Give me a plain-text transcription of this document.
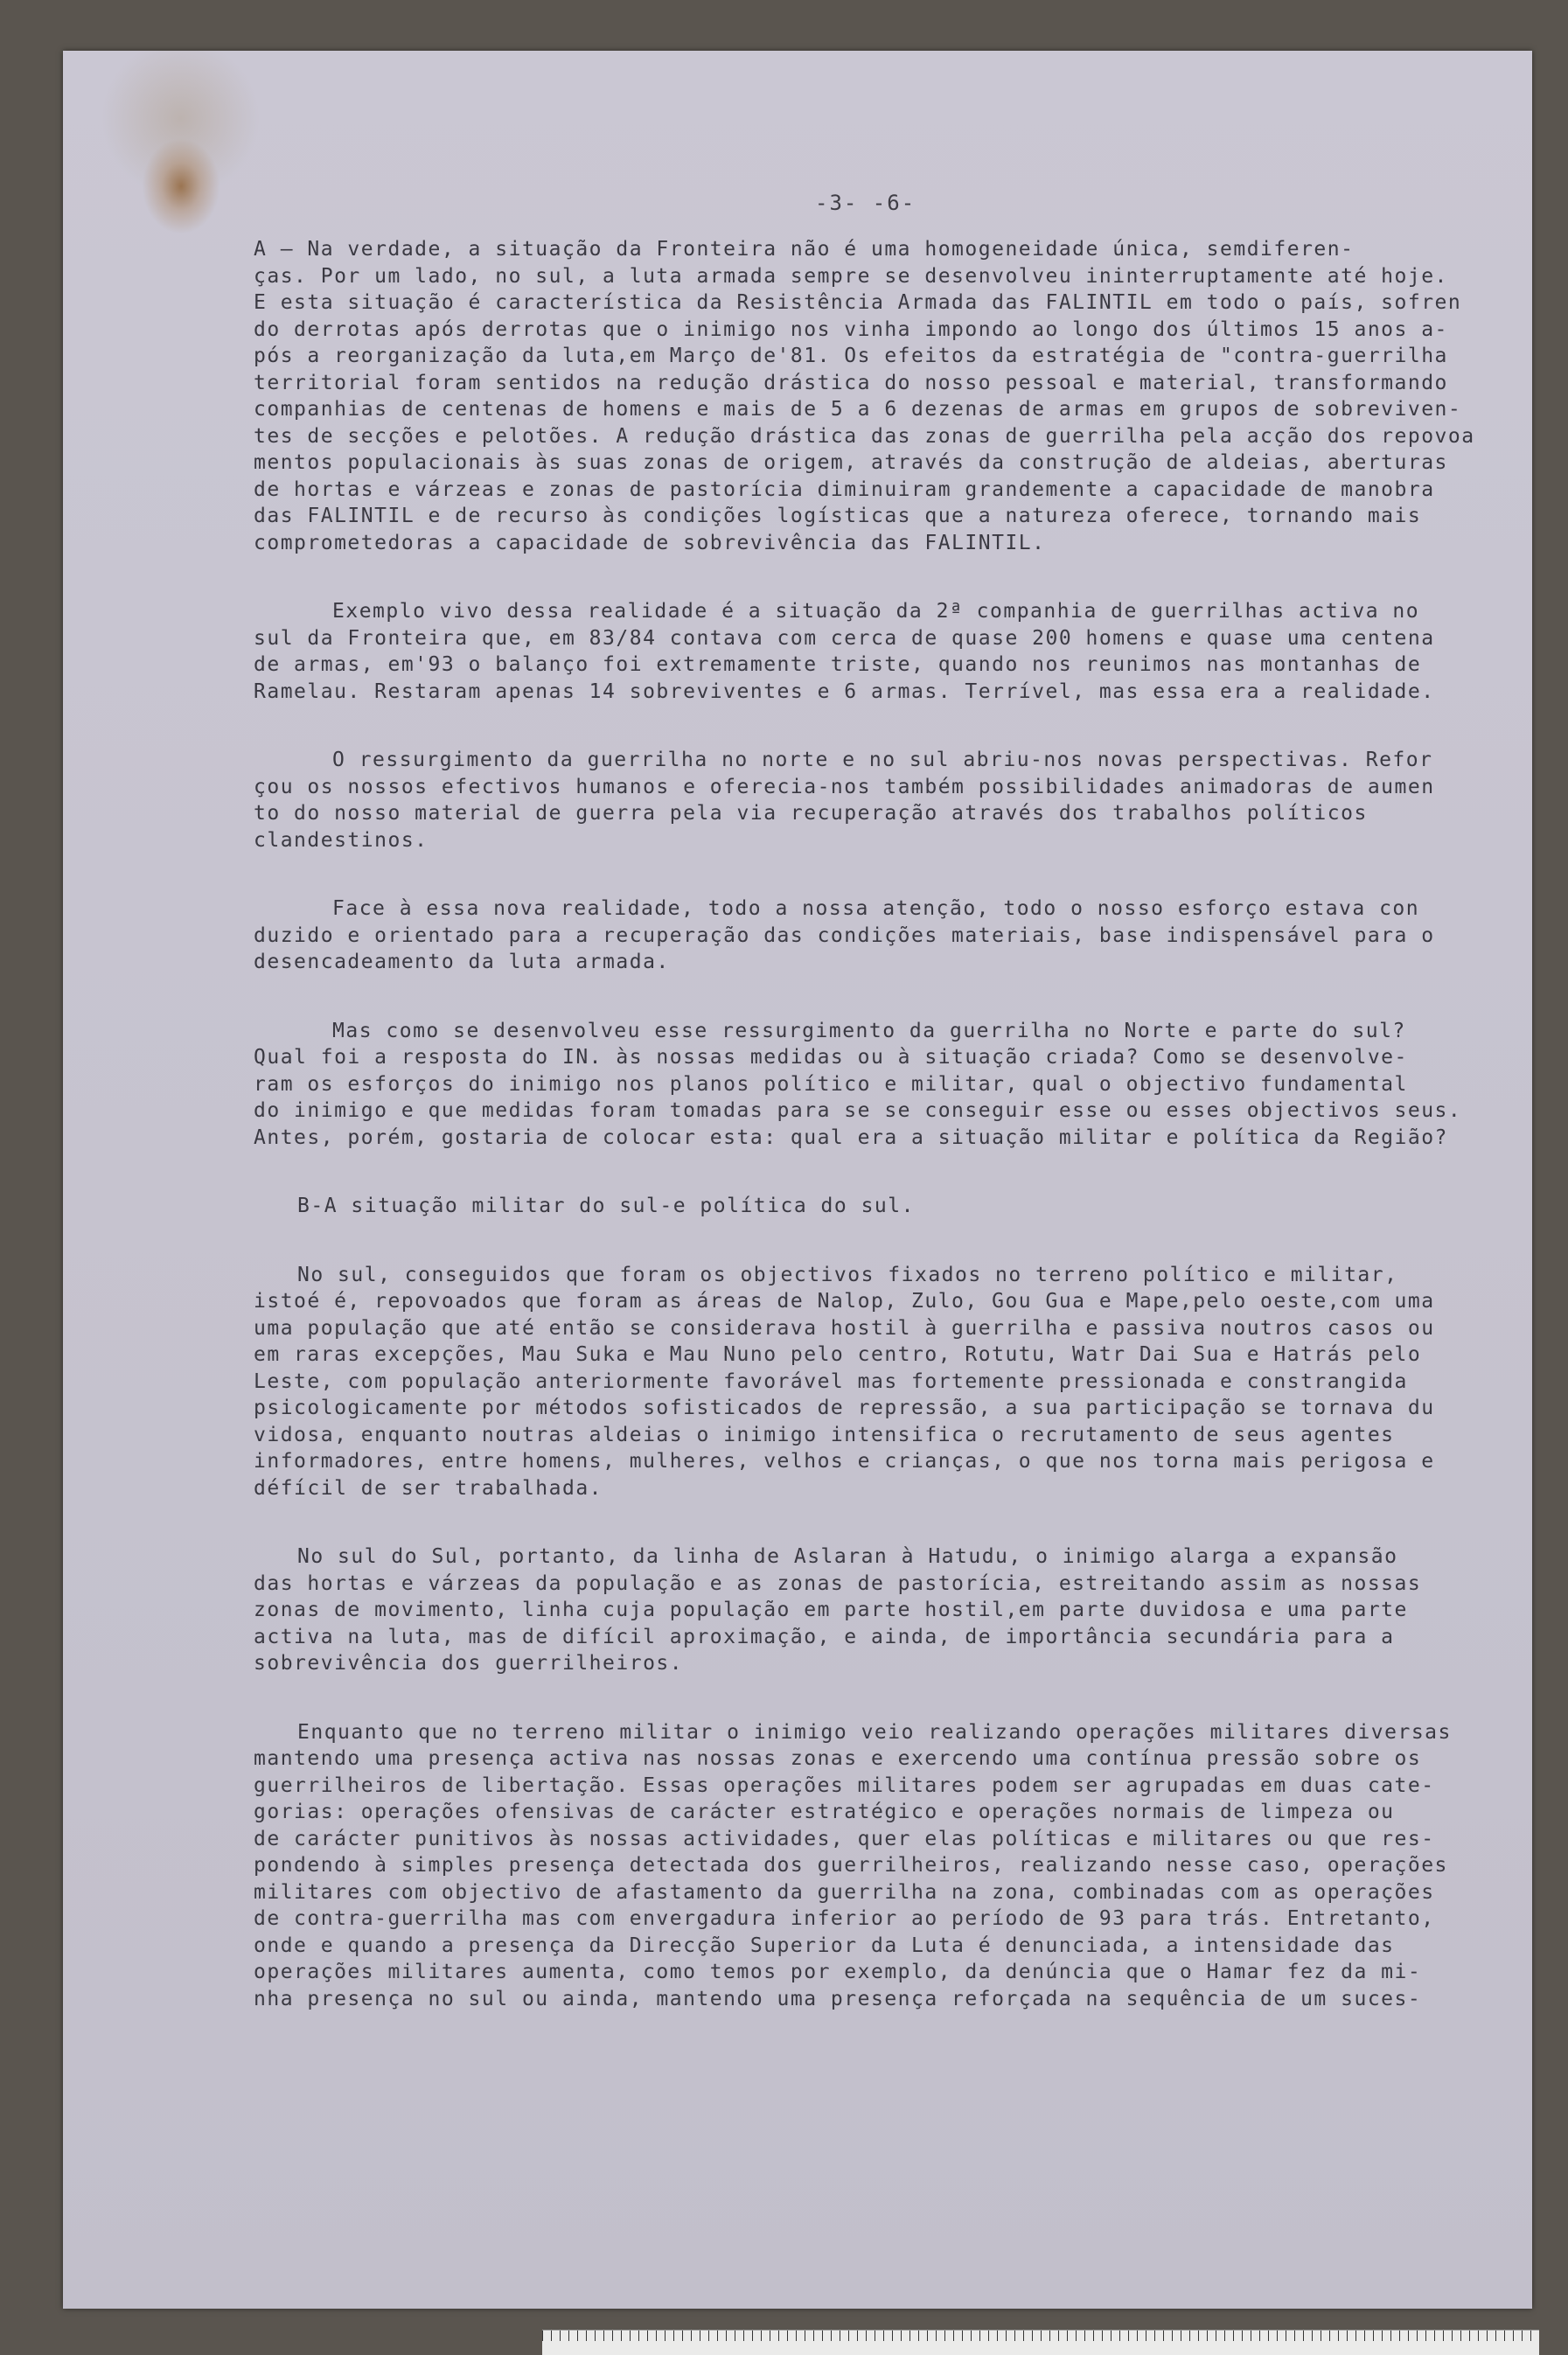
-3- -6-

A – Na verdade, a situação da Fronteira não é uma homogeneidade única, semdiferen-
ças. Por um lado, no sul, a luta armada sempre se desenvolveu ininterruptamente até hoje.
E esta situação é característica da Resistência Armada das FALINTIL em todo o país, sofren
do derrotas após derrotas que o inimigo nos vinha impondo ao longo dos últimos 15 anos a-
pós a reorganização da luta,em Março de'81. Os efeitos da estratégia de "contra-guerrilha
territorial foram sentidos na redução drástica do nosso pessoal e material, transformando
companhias de centenas de homens e mais de 5 a 6 dezenas de armas em grupos de sobreviven-
tes de secções e pelotões. A redução drástica das zonas de guerrilha pela acção dos repovoa
mentos populacionais às suas zonas de origem, através da construção de aldeias, aberturas
de hortas e várzeas e zonas de pastorícia diminuiram grandemente a capacidade de manobra
das FALINTIL e de recurso às condições logísticas que a natureza oferece, tornando mais
comprometedoras a capacidade de sobrevivência das FALINTIL.

Exemplo vivo dessa realidade é a situação da 2ª companhia de guerrilhas activa no
sul da Fronteira que, em 83/84 contava com cerca de quase 200 homens e quase uma centena
de armas, em'93 o balanço foi extremamente triste, quando nos reunimos nas montanhas de
Ramelau. Restaram apenas 14 sobreviventes e 6 armas. Terrível, mas essa era a realidade.

O ressurgimento da guerrilha no norte e no sul abriu-nos novas perspectivas. Refor
çou os nossos efectivos humanos e oferecia-nos também possibilidades animadoras de aumen
to do nosso material de guerra pela via recuperação através dos trabalhos políticos
clandestinos.

Face à essa nova realidade, todo a nossa atenção, todo o nosso esforço estava con
duzido e orientado para a recuperação das condições materiais, base indispensável para o
desencadeamento da luta armada.

Mas como se desenvolveu esse ressurgimento da guerrilha no Norte e parte do sul?
Qual foi a resposta do IN. às nossas medidas ou à situação criada? Como se desenvolve-
ram os esforços do inimigo nos planos político e militar, qual o objectivo fundamental
do inimigo e que medidas foram tomadas para se se conseguir esse ou esses objectivos seus.
Antes, porém, gostaria de colocar esta: qual era a situação militar e política da Região?

B-A situação militar do sul-e política do sul.

No sul, conseguidos que foram os objectivos fixados no terreno político e militar,
istoé é, repovoados que foram as áreas de Nalop, Zulo, Gou Gua e Mape,pelo oeste,com uma
uma população que até então se considerava hostil à guerrilha e passiva noutros casos ou
em raras excepções, Mau Suka e Mau Nuno pelo centro, Rotutu, Watr Dai Sua e Hatrás pelo
Leste, com população anteriormente favorável mas fortemente pressionada e constrangida
psicologicamente por métodos sofisticados de repressão, a sua participação se tornava du
vidosa, enquanto noutras aldeias o inimigo intensifica o recrutamento de seus agentes
informadores, entre homens, mulheres, velhos e crianças, o que nos torna mais perigosa e
défícil de ser trabalhada.

No sul do Sul, portanto, da linha de Aslaran à Hatudu, o inimigo alarga a expansão
das hortas e várzeas da população e as zonas de pastorícia, estreitando assim as nossas
zonas de movimento, linha cuja população em parte hostil,em parte duvidosa e uma parte
activa na luta, mas de difícil aproximação, e ainda, de importância secundária para a
sobrevivência dos guerrilheiros.

Enquanto que no terreno militar o inimigo veio realizando operações militares diversas
mantendo uma presença activa nas nossas zonas e exercendo uma contínua pressão sobre os
guerrilheiros de libertação. Essas operações militares podem ser agrupadas em duas cate-
gorias: operações ofensivas de carácter estratégico e operações normais de limpeza ou
de carácter punitivos às nossas actividades, quer elas políticas e militares ou que res-
pondendo à simples presença detectada dos guerrilheiros, realizando nesse caso, operações
militares com objectivo de afastamento da guerrilha na zona, combinadas com as operações
de contra-guerrilha mas com envergadura inferior ao período de 93 para trás. Entretanto,
onde e quando a presença da Direcção Superior da Luta é denunciada, a intensidade das
operações militares aumenta, como temos por exemplo, da denúncia que o Hamar fez da mi-
nha presença no sul ou ainda, mantendo uma presença reforçada na sequência de um suces-
